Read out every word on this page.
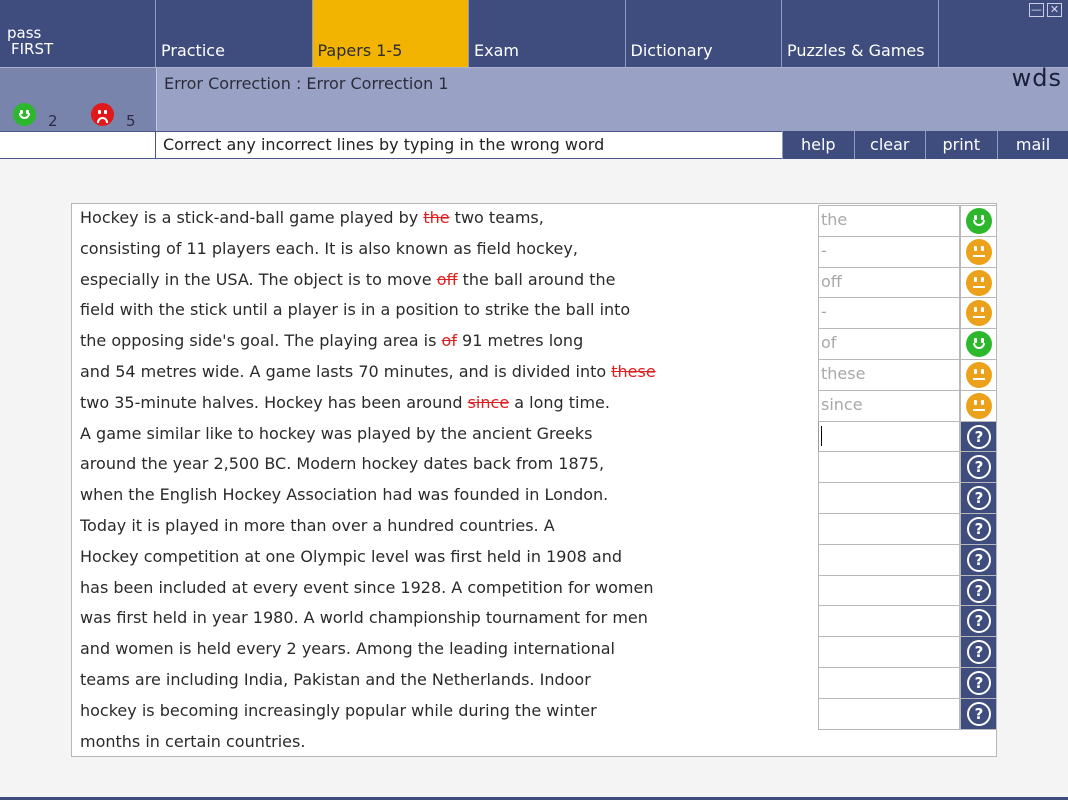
pass
FIRST	Practice	Papers 1-5	Exam	Dictionary	Puzzles & Games
— ✕
2	5
Error Correction : Error Correction 1	wds
Correct any incorrect lines by typing in the wrong word	help	clear	print	mail
Hockey is a stick-and-ball game played by the two teams,	the
consisting of 11 players each. It is also known as field hockey,	-
especially in the USA. The object is to move off the ball around the	off
field with the stick until a player is in a position to strike the ball into	-
the opposing side's goal. The playing area is of 91 metres long	of
and 54 metres wide. A game lasts 70 minutes, and is divided into these	these
two 35-minute halves. Hockey has been around since a long time.	since
A game similar like to hockey was played by the ancient Greeks	?
around the year 2,500 BC. Modern hockey dates back from 1875,	?
when the English Hockey Association had was founded in London.	?
Today it is played in more than over a hundred countries. A	?
Hockey competition at one Olympic level was first held in 1908 and	?
has been included at every event since 1928. A competition for women	?
was first held in year 1980. A world championship tournament for men	?
and women is held every 2 years. Among the leading international	?
teams are including India, Pakistan and the Netherlands. Indoor	?
hockey is becoming increasingly popular while during the winter	?
months in certain countries.
